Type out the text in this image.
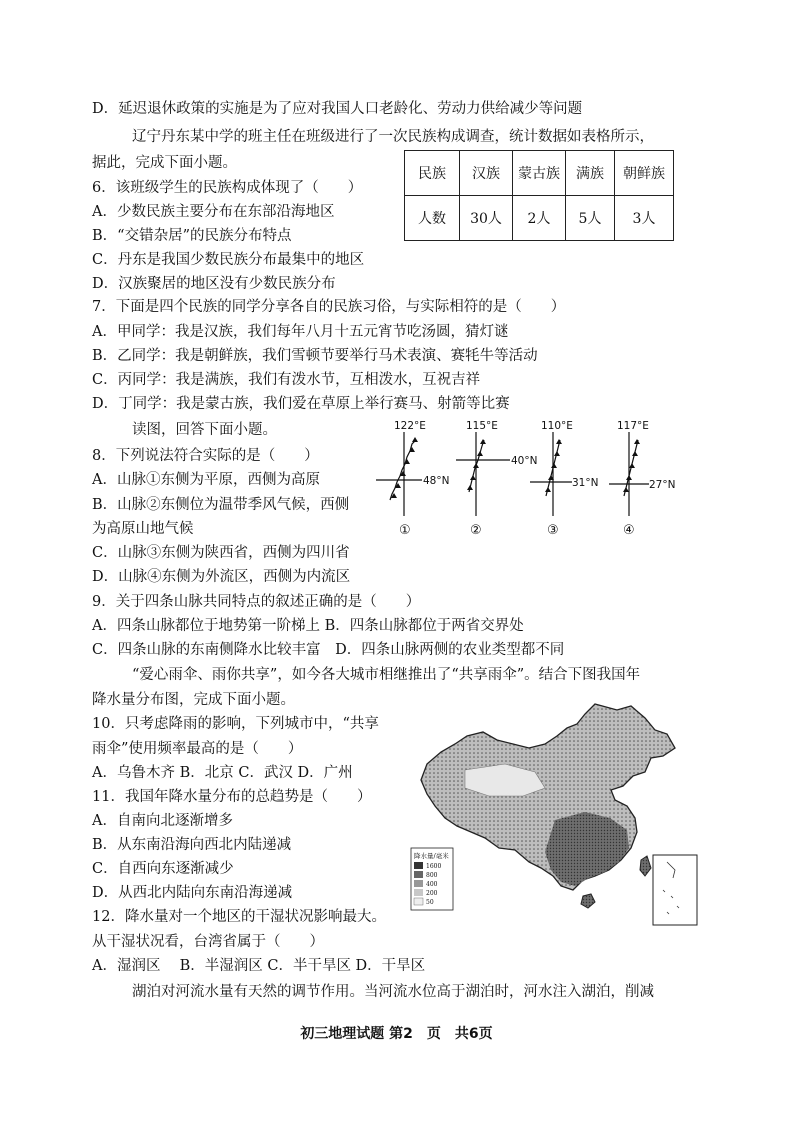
D．延迟退休政策的实施是为了应对我国人口老龄化、劳动力供给减少等问题
辽宁丹东某中学的班主任在班级进行了一次民族构成调查，统计数据如表格所示，
据此，完成下面小题。
6．该班级学生的民族构成体现了（　　）
A．少数民族主要分布在东部沿海地区
B．“交错杂居”的民族分布特点
C．丹东是我国少数民族分布最集中的地区
D．汉族聚居的地区没有少数民族分布
民族	汉族	蒙古族	满族	朝鲜族
人数	30人	2人	5人	3人
7．下面是四个民族的同学分享各自的民族习俗，与实际相符的是（　　）
A．甲同学：我是汉族，我们每年八月十五元宵节吃汤圆，猜灯谜
B．乙同学：我是朝鲜族，我们雪顿节要举行马术表演、赛牦牛等活动
C．丙同学：我是满族，我们有泼水节，互相泼水，互祝吉祥
D．丁同学：我是蒙古族，我们爱在草原上举行赛马、射箭等比赛
读图，回答下面小题。	122°E	115°E	110°E	117°E
48°N
40°N
31°N	27°N
①	②	③	④
8．下列说法符合实际的是（　　）
A．山脉①东侧为平原，西侧为高原
B．山脉②东侧位为温带季风气候，西侧
为高原山地气候
C．山脉③东侧为陕西省，西侧为四川省
D．山脉④东侧为外流区，西侧为内流区
9．关于四条山脉共同特点的叙述正确的是（　　）
A．四条山脉都位于地势第一阶梯上 B．四条山脉都位于两省交界处
C．四条山脉的东南侧降水比较丰富　D．四条山脉两侧的农业类型都不同
“爱心雨伞、雨你共享”，如今各大城市相继推出了“共享雨伞”。结合下图我国年
降水量分布图，完成下面小题。
10．只考虑降雨的影响，下列城市中，“共享
雨伞”使用频率最高的是（　　）
A．乌鲁木齐 B．北京 C．武汉 D．广州
11．我国年降水量分布的总趋势是（　　）
A．自南向北逐渐增多
B．从东南沿海向西北内陆递减
C．自西向东逐渐减少
D．从西北内陆向东南沿海递减
12．降水量对一个地区的干湿状况影响最大。
从干湿状况看，台湾省属于（　　）
A．湿润区　 B．半湿润区 C．半干旱区 D．干旱区
湖泊对河流水量有天然的调节作用。当河流水位高于湖泊时，河水注入湖泊，削减
降水量/毫米
1600
800
400
200
50
初三地理试题 第2　页　共6页
